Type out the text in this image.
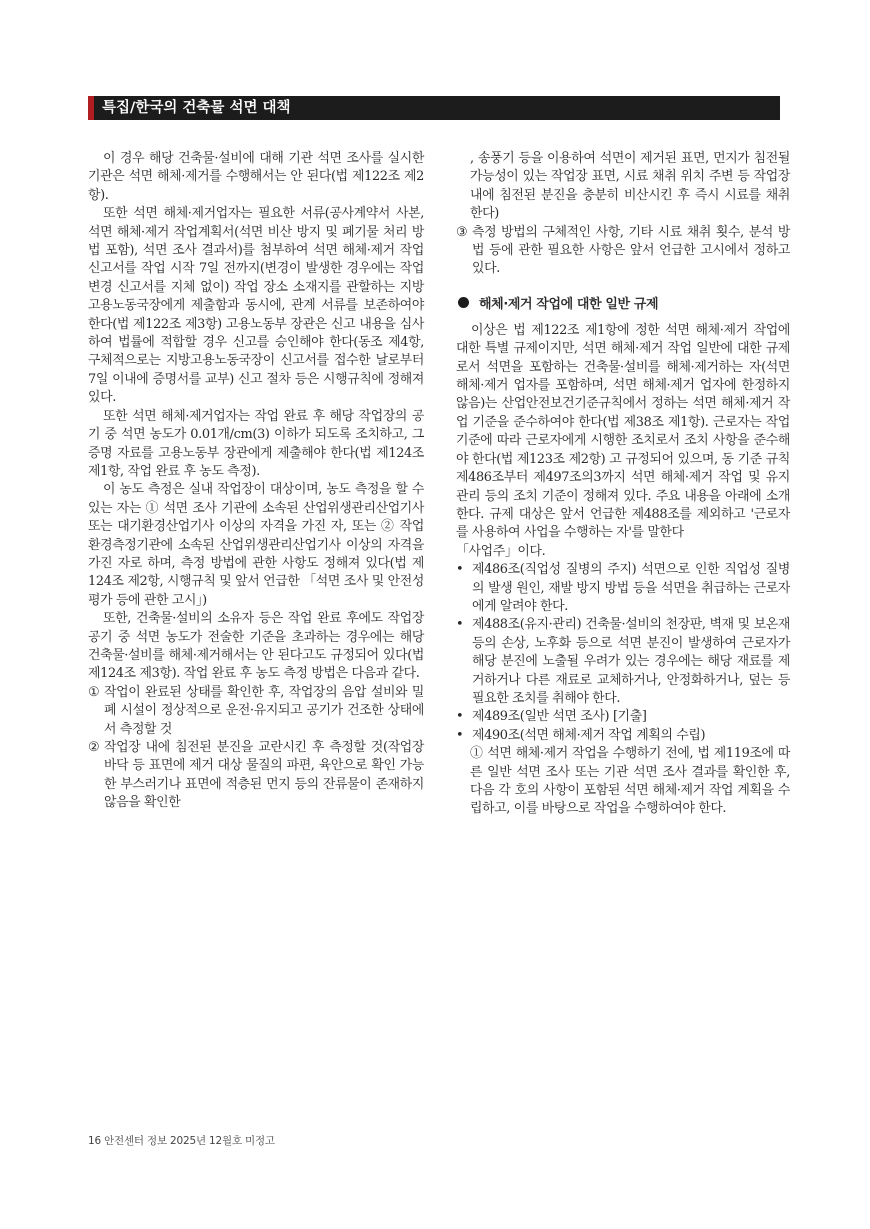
특집/한국의 건축물 석면 대책

이 경우 해당 건축물·설비에 대해 기관 석면 조사를 실시한 기관은 석면 해체·제거를 수행해서는 안 된다(법 제122조 제2항).

또한 석면 해체·제거업자는 필요한 서류(공사계약서 사본, 석면 해체·제거 작업계획서(석면 비산 방지 및 폐기물 처리 방법 포함), 석면 조사 결과서)를 첨부하여 석면 해체·제거 작업 신고서를 작업 시작 7일 전까지(변경이 발생한 경우에는 작업 변경 신고서를 지체 없이) 작업 장소 소재지를 관할하는 지방고용노동국장에게 제출함과 동시에, 관계 서류를 보존하여야 한다(법 제122조 제3항) 고용노동부 장관은 신고 내용을 심사하여 법률에 적합할 경우 신고를 승인해야 한다(동조 제4항, 구체적으로는 지방고용노동국장이 신고서를 접수한 날로부터 7일 이내에 증명서를 교부) 신고 절차 등은 시행규칙에 정해져 있다.

또한 석면 해체·제거업자는 작업 완료 후 해당 작업장의 공기 중 석면 농도가 0.01개/cm(3) 이하가 되도록 조치하고, 그 증명 자료를 고용노동부 장관에게 제출해야 한다(법 제124조 제1항, 작업 완료 후 농도 측정).

이 농도 측정은 실내 작업장이 대상이며, 농도 측정을 할 수 있는 자는 ① 석면 조사 기관에 소속된 산업위생관리산업기사 또는 대기환경산업기사 이상의 자격을 가진 자, 또는 ② 작업환경측정기관에 소속된 산업위생관리산업기사 이상의 자격을 가진 자로 하며, 측정 방법에 관한 사항도 정해져 있다(법 제124조 제2항, 시행규칙 및 앞서 언급한 「석면 조사 및 안전성 평가 등에 관한 고시」)

또한, 건축물·설비의 소유자 등은 작업 완료 후에도 작업장 공기 중 석면 농도가 전술한 기준을 초과하는 경우에는 해당 건축물·설비를 해체·제거해서는 안 된다고도 규정되어 있다(법 제124조 제3항). 작업 완료 후 농도 측정 방법은 다음과 같다.

① 작업이 완료된 상태를 확인한 후, 작업장의 음압 설비와 밀폐 시설이 정상적으로 운전·유지되고 공기가 건조한 상태에서 측정할 것
② 작업장 내에 침전된 분진을 교란시킨 후 측정할 것(작업장 바닥 등 표면에 제거 대상 물질의 파편, 육안으로 확인 가능한 부스러기나 표면에 적층된 먼지 등의 잔류물이 존재하지 않음을 확인한

, 송풍기 등을 이용하여 석면이 제거된 표면, 먼지가 침전될 가능성이 있는 작업장 표면, 시료 채취 위치 주변 등 작업장 내에 침전된 분진을 충분히 비산시킨 후 즉시 시료를 채취한다)

③ 측정 방법의 구체적인 사항, 기타 시료 채취 횟수, 분석 방법 등에 관한 필요한 사항은 앞서 언급한 고시에서 정하고 있다.
해체·제거 작업에 대한 일반 규제

이상은 법 제122조 제1항에 정한 석면 해체·제거 작업에 대한 특별 규제이지만, 석면 해체·제거 작업 일반에 대한 규제로서 석면을 포함하는 건축물·설비를 해체·제거하는 자(석면 해체·제거 업자를 포함하며, 석면 해체·제거 업자에 한정하지 않음)는 산업안전보건기준규칙에서 정하는 석면 해체·제거 작업 기준을 준수하여야 한다(법 제38조 제1항). 근로자는 작업 기준에 따라 근로자에게 시행한 조치로서 조치 사항을 준수해야 한다(법 제123조 제2항) 고 규정되어 있으며, 동 기준 규칙 제486조부터 제497조의3까지 석면 해체·제거 작업 및 유지관리 등의 조치 기준이 정해져 있다. 주요 내용을 아래에 소개한다. 규제 대상은 앞서 언급한 제488조를 제외하고 '근로자를 사용하여 사업을 수행하는 자'를 말한다

「사업주」이다.

• 제486조(직업성 질병의 주지) 석면으로 인한 직업성 질병의 발생 원인, 재발 방지 방법 등을 석면을 취급하는 근로자에게 알려야 한다.
• 제488조(유지·관리) 건축물·설비의 천장판, 벽재 및 보온재 등의 손상, 노후화 등으로 석면 분진이 발생하여 근로자가 해당 분진에 노출될 우려가 있는 경우에는 해당 재료를 제거하거나 다른 재료로 교체하거나, 안정화하거나, 덮는 등 필요한 조치를 취해야 한다.
• 제489조(일반 석면 조사) [기출]
• 제490조(석면 해체·제거 작업 계획의 수립)

① 석면 해체·제거 작업을 수행하기 전에, 법 제119조에 따른 일반 석면 조사 또는 기관 석면 조사 결과를 확인한 후, 다음 각 호의 사항이 포함된 석면 해체·제거 작업 계획을 수립하고, 이를 바탕으로 작업을 수행하여야 한다.

16 안전센터 정보 2025년 12월호 미정고
